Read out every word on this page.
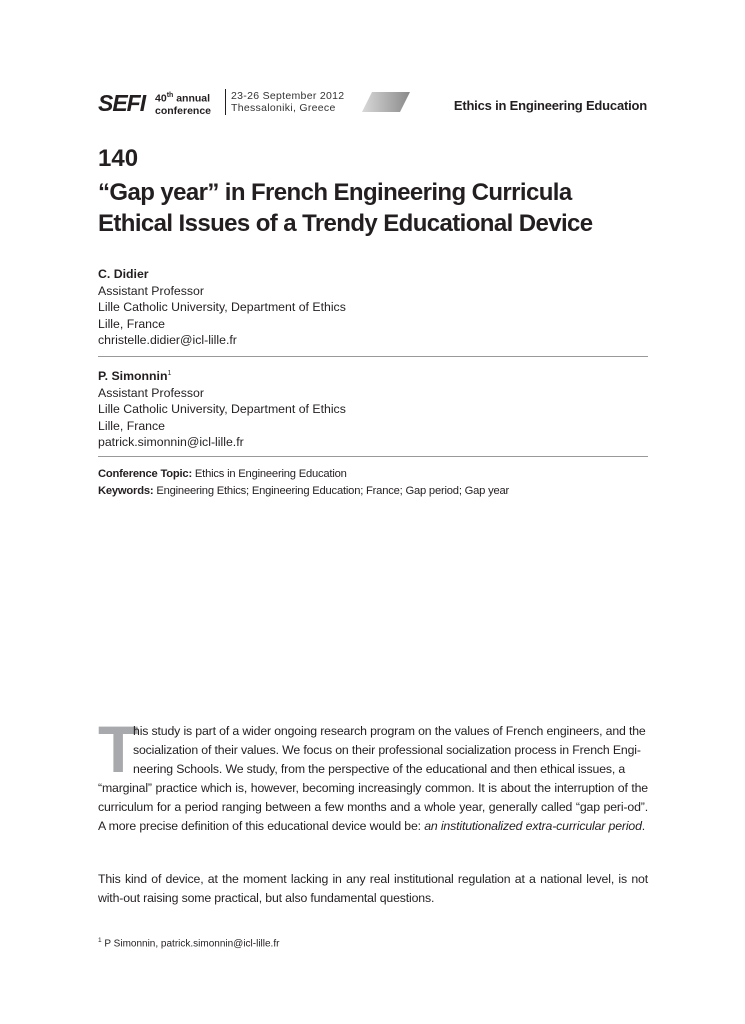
SEFI 40th annual
conference
23-26 September 2012
Thessaloniki, Greece	Ethics in Engineering Education
140
“Gap year” in French Engineering Curricula
Ethical Issues of a Trendy Educational Device
C. Didier
Assistant Professor
Lille Catholic University, Department of Ethics
Lille, France
christelle.didier@icl-lille.fr
P. Simonnin$^1$
Assistant Professor
Lille Catholic University, Department of Ethics
Lille, France
patrick.simonnin@icl-lille.fr
Conference Topic: Ethics in Engineering Education
Keywords: Engineering Ethics; Engineering Education; France; Gap period; Gap year
T
his study is part of a wider ongoing research program on the values of French engineers, and the
socialization of their values. We focus on their professional socialization process in French Engi-
neering Schools. We study, from the perspective of the educational and then ethical issues, a
“marginal” practice which is, however, becoming increasingly common. It is about the interruption of the curriculum for a period ranging between a few months and a whole year, generally called “gap peri-od”. A more precise definition of this educational device would be: an institutionalized extra-curricular period.
This kind of device, at the moment lacking in any real institutional regulation at a national level, is not with-out raising some practical, but also fundamental questions.
$^1$ P Simonnin, patrick.simonnin@icl-lille.fr
